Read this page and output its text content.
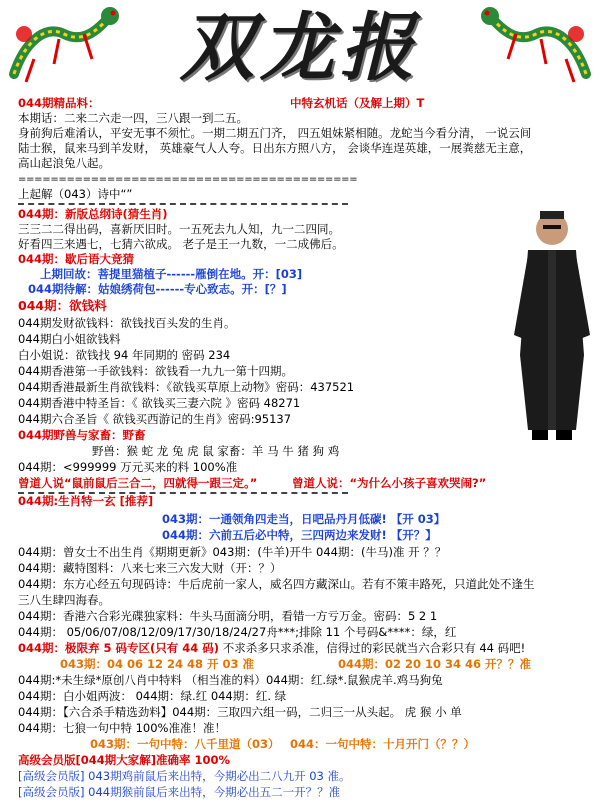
双龙报
044期精品料：	中特玄机话（及解上期）T
本期话：二来二六走一四，三八跟一到二五。
身前狗后难淆认，平安无事不须忙。一期二期五门齐， 四五姐妹紧相随。龙蛇当今看分清， 一说云间
陆士猴，鼠来马到羊发财， 英雄豪气人人夸。日出东方照八方， 会谈华连逞英雄，一展粪慈无主意，
高山起浪兔八起。
==========================================
上起解（043）诗中“”
044期：新版总纲诗(猜生肖)
三三二二得出码，喜新厌旧时。一五死去九人知，九一二四同。
好看四三来遇七，七猜六欲成。 老子是王一九数，一二成佛后。
044期：歇后语大竞猜
上期回故：菩提里猫植子------雁倒在地。开：[03]
044期待解：姑娘绣荷包------专心致志。开：[？]
044期：欲钱料
044期发财欲钱料：欲钱找百头发的生肖。
044期白小姐欲钱料
白小姐说：欲钱找 94 年同期的 密码 234
044期香港第一手欲钱料：欲钱看一九九一第十四期。
044期香港最新生肖欲钱料：《欲钱买草原上动物》密码：437521
044期香港中特圣旨：《 欲钱买三妻六院 》密码 48271
044期六合圣旨《 欲钱买西游记的生肖》密码:95137
044期野兽与家畜：野畜
野兽：猴 蛇 龙 兔 虎 鼠 家畜：羊 马 牛 猪 狗 鸡
044期：<999999 万元买来的料 100%准
曾道人说“鼠前鼠后三合二，四就得一跟三定。”	曾道人说：“为什么小孩子喜欢哭闹?”
044期:生肖特一玄 [推荐]
043期：一通领角四走当，日吧品丹月低碳! 【开 03】
044期：六前五后必中特，三四两边来发财! 【开？】
044期：曾女士不出生肖《期期更新》043期：(牛羊)开牛 044期：(牛马)准 开 ？？
044期：藏特图料：八来七来三六发大财（开：？）
044期：东方心经五句现码诗：牛后虎前一家人，威名四方藏深山。若有不策丰路死，只道此处不逢生
三八生肆四海春。
044期：香港六合彩光碟独家料：牛头马面滴分明，看错一方亏万金。密码：5 2 1
044期： 05/06/07/08/12/09/17/30/18/24/27舟***;排除 11 个号码&****：绿，红
044期：极限弃 5 码专区(只有 44 码) 不求杀多只求杀准，信得过的彩民就当六合彩只有 44 码吧!
043期：04 06 12 24 48 开 03 准	044期：02 20 10 34 46 开？？准
044期:*未生绿*原创八肖中特料 （相当准的料）044期：红.绿*.鼠猴虎羊.鸡马狗兔
044期：白小姐两波： 044期：绿.红 044期：红. 绿
044期：【六合杀手精选劲料】044期：三取四六组一码，二归三一从头起。 虎 猴 小 单
044期：七狼一句中特 100%准准！准！
043期：一句中特：八千里道（03） 044：一句中特：十月开门（？？）
高级会员版[044期大家解]准确率 100%
[高级会员版] 043期鸡前鼠后来出特，今期必出二八九开 03 准。
[高级会员版] 044期猴前鼠后来出特，今期必出五二一开？？准
